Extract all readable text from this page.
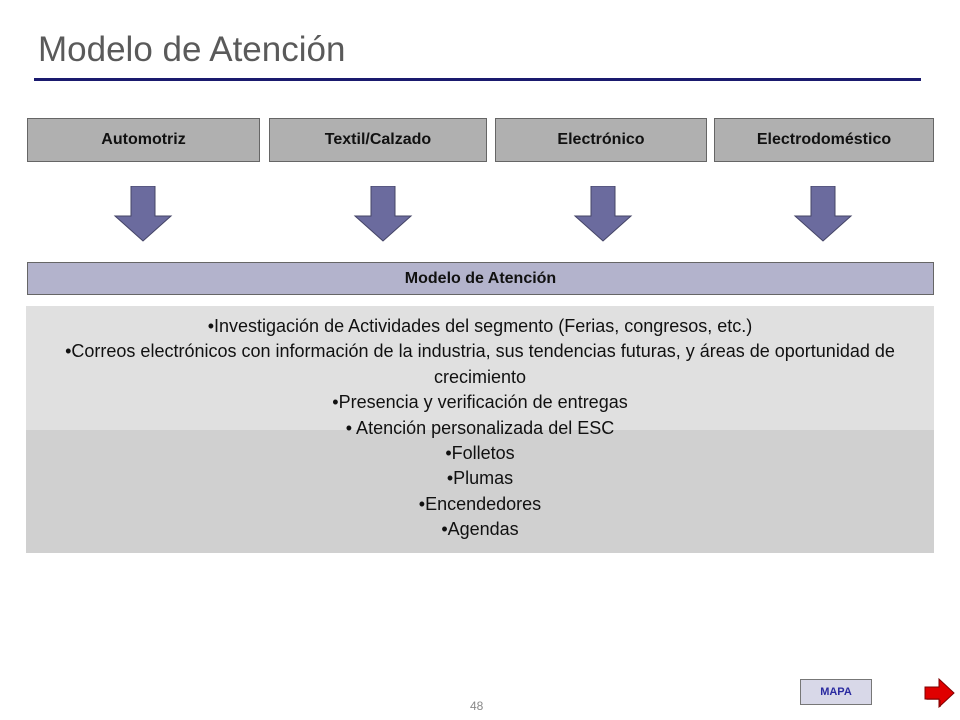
Modelo de Atención
Automotriz	Textil/Calzado	Electrónico	Electrodoméstico
Modelo de Atención
•Investigación de Actividades del segmento (Ferias, congresos, etc.)
•Correos electrónicos con información de la industria, sus tendencias futuras, y áreas de oportunidad de crecimiento
•Presencia y verificación de entregas
• Atención personalizada del ESC
•Folletos
•Plumas
•Encendedores
•Agendas
48
MAPA
